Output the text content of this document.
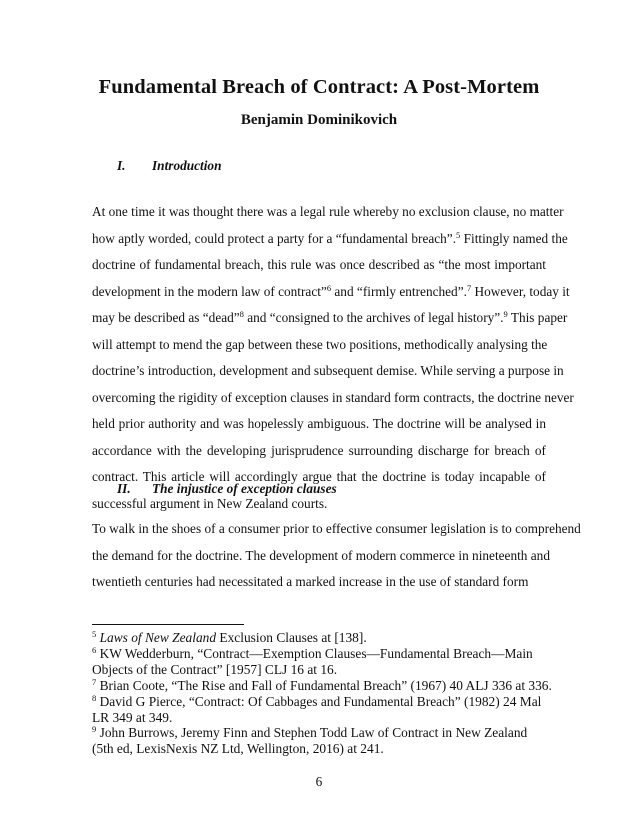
Fundamental Breach of Contract: A Post-Mortem
Benjamin Dominikovich
I. Introduction
At one time it was thought there was a legal rule whereby no exclusion clause, no matter
how aptly worded, could protect a party for a “fundamental breach”.$^5$ Fittingly named the
doctrine of fundamental breach, this rule was once described as “the most important
development in the modern law of contract”$^6$ and “firmly entrenched”.$^7$ However, today it
may be described as “dead”$^8$ and “consigned to the archives of legal history”.$^9$ This paper
will attempt to mend the gap between these two positions, methodically analysing the
doctrine’s introduction, development and subsequent demise. While serving a purpose in
overcoming the rigidity of exception clauses in standard form contracts, the doctrine never
held prior authority and was hopelessly ambiguous. The doctrine will be analysed in
accordance with the developing jurisprudence surrounding discharge for breach of
contract. This article will accordingly argue that the doctrine is today incapable of
successful argument in New Zealand courts.
II. The injustice of exception clauses
To walk in the shoes of a consumer prior to effective consumer legislation is to comprehend
the demand for the doctrine. The development of modern commerce in nineteenth and
twentieth centuries had necessitated a marked increase in the use of standard form
$^5$ Laws of New Zealand Exclusion Clauses at [138].
$^6$ KW Wedderburn, “Contract—Exemption Clauses—Fundamental Breach—Main Objects of the Contract” [1957] CLJ 16 at 16.
$^7$ Brian Coote, “The Rise and Fall of Fundamental Breach” (1967) 40 ALJ 336 at 336.
$^8$ David G Pierce, “Contract: Of Cabbages and Fundamental Breach” (1982) 24 Mal LR 349 at 349.
$^9$ John Burrows, Jeremy Finn and Stephen Todd Law of Contract in New Zealand (5th ed, LexisNexis NZ Ltd, Wellington, 2016) at 241.
6
